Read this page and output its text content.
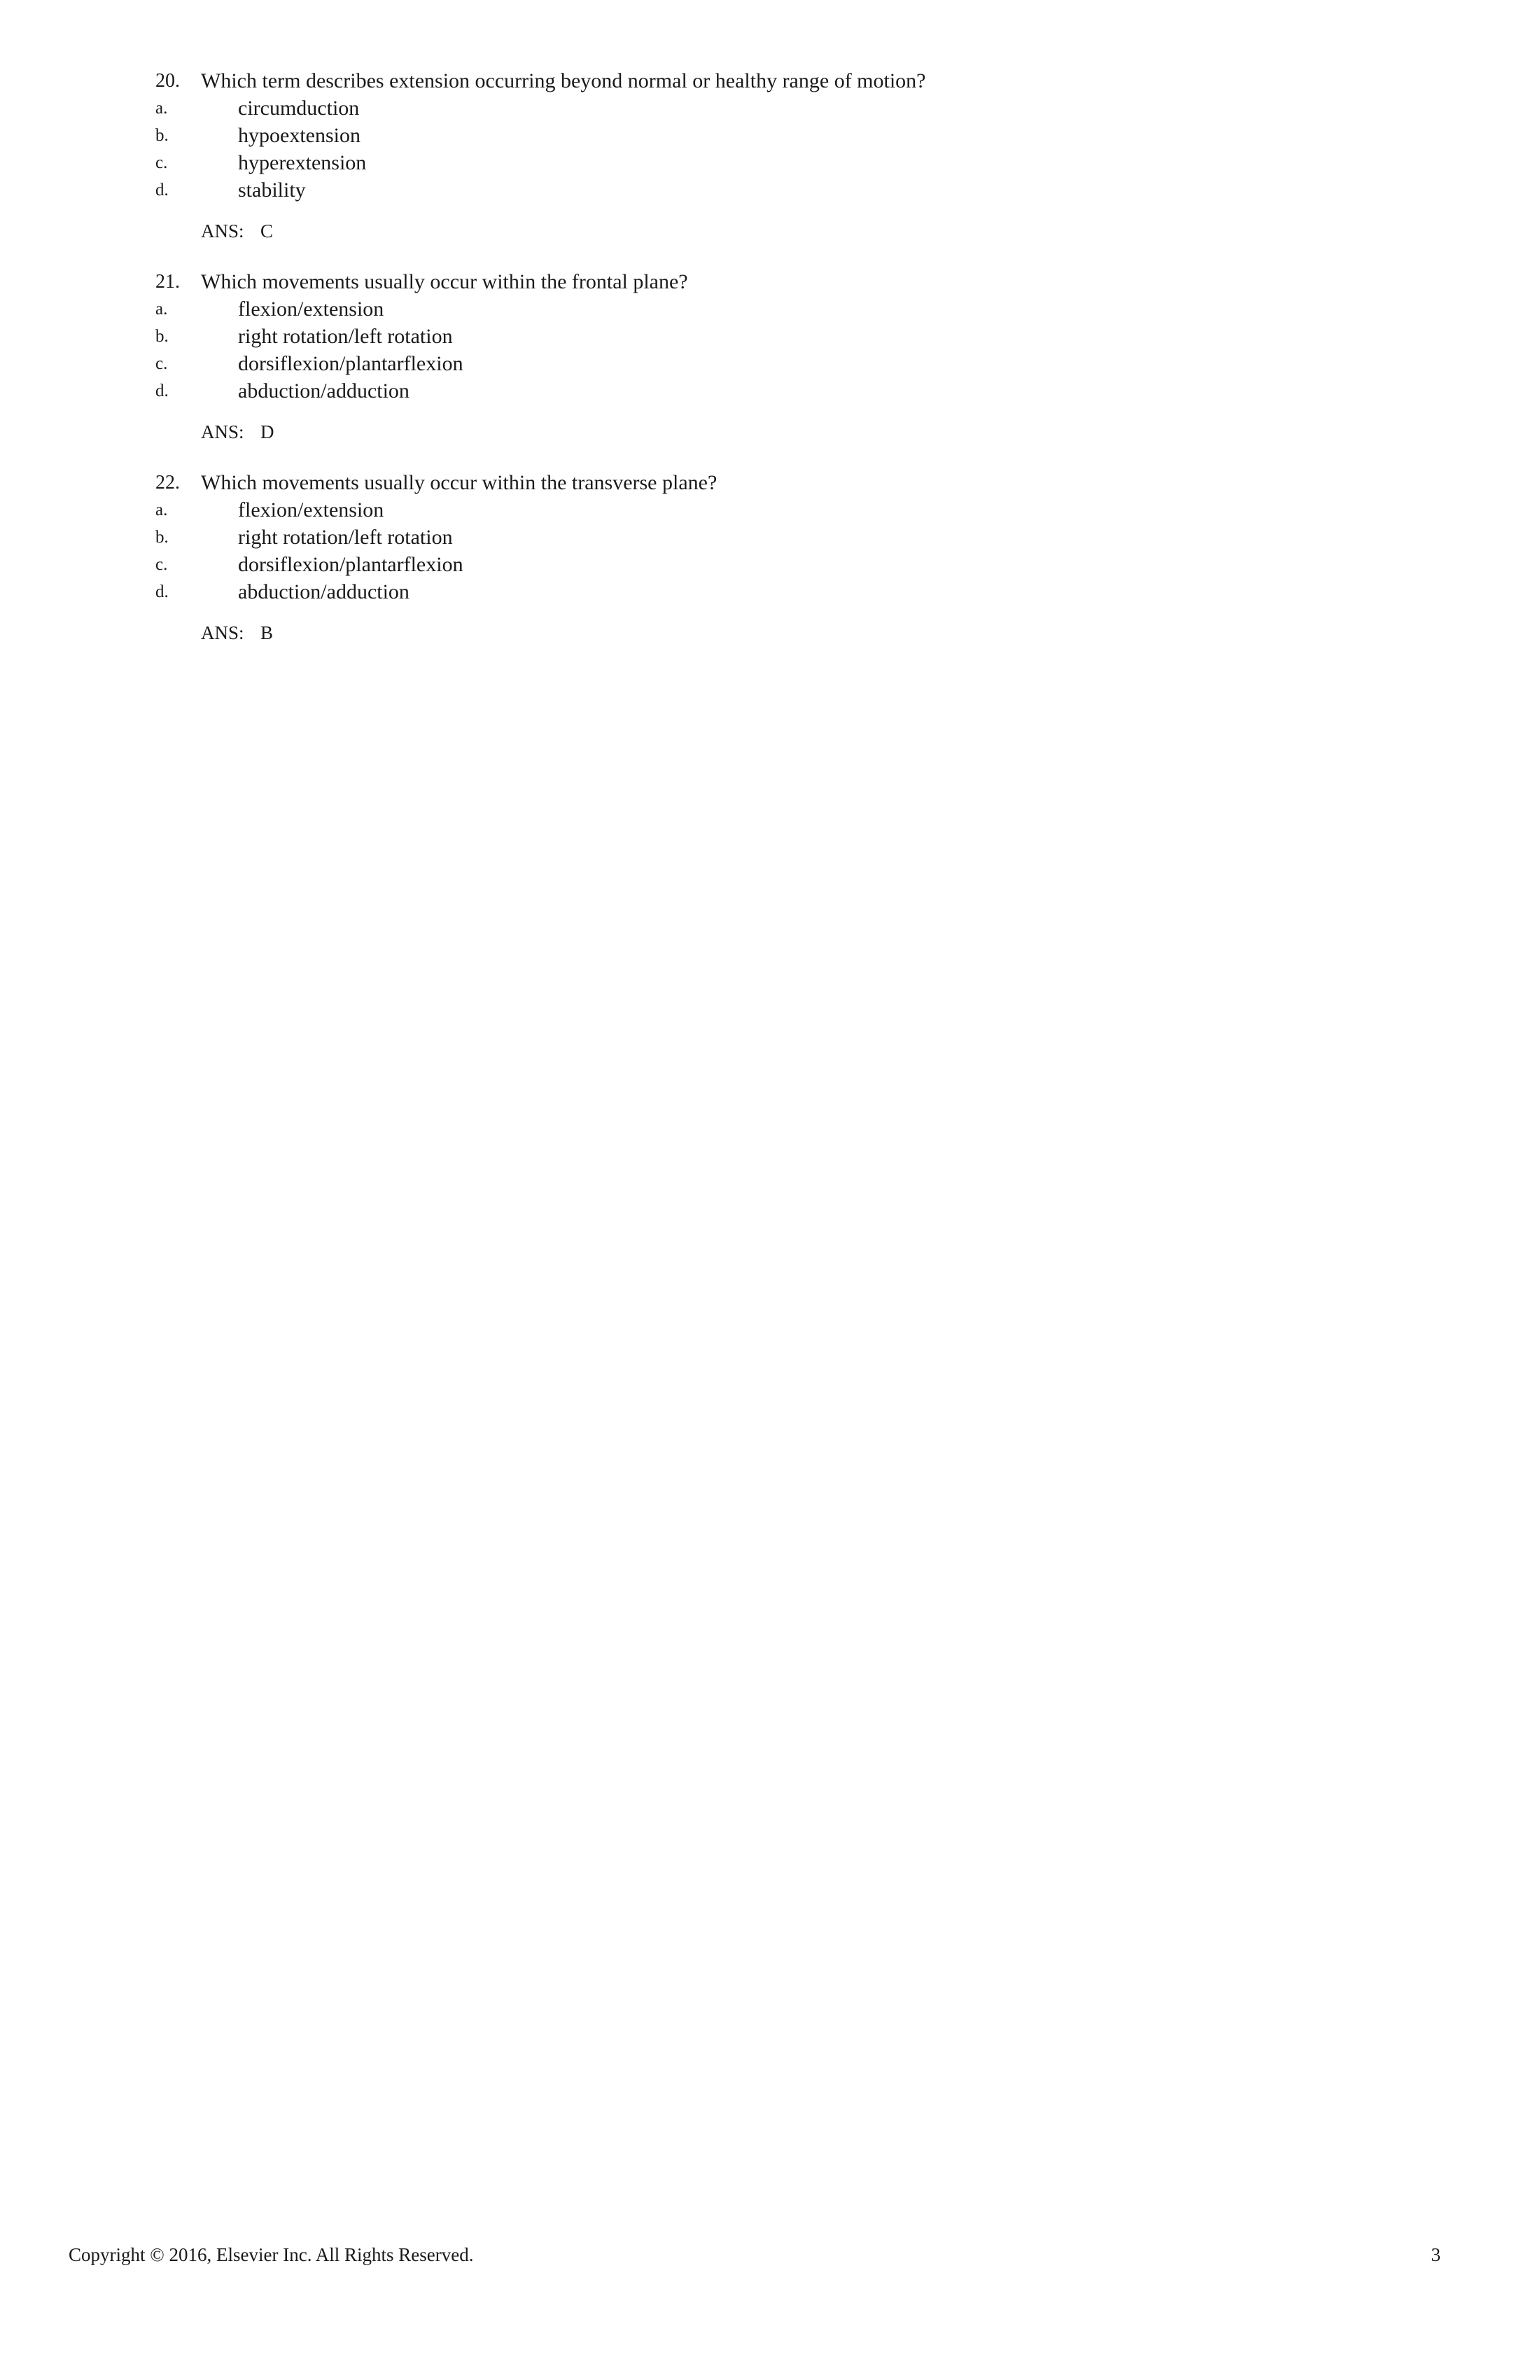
20. Which term describes extension occurring beyond normal or healthy range of motion?
a.	circumduction
b.	hypoextension
c.	hyperextension
d.	stability
ANS: C
21. Which movements usually occur within the frontal plane?
a.	flexion/extension
b.	right rotation/left rotation
c.	dorsiflexion/plantarflexion
d.	abduction/adduction
ANS: D
22. Which movements usually occur within the transverse plane?
a.	flexion/extension
b.	right rotation/left rotation
c.	dorsiflexion/plantarflexion
d.	abduction/adduction
ANS: B
Copyright © 2016, Elsevier Inc. All Rights Reserved.	3
